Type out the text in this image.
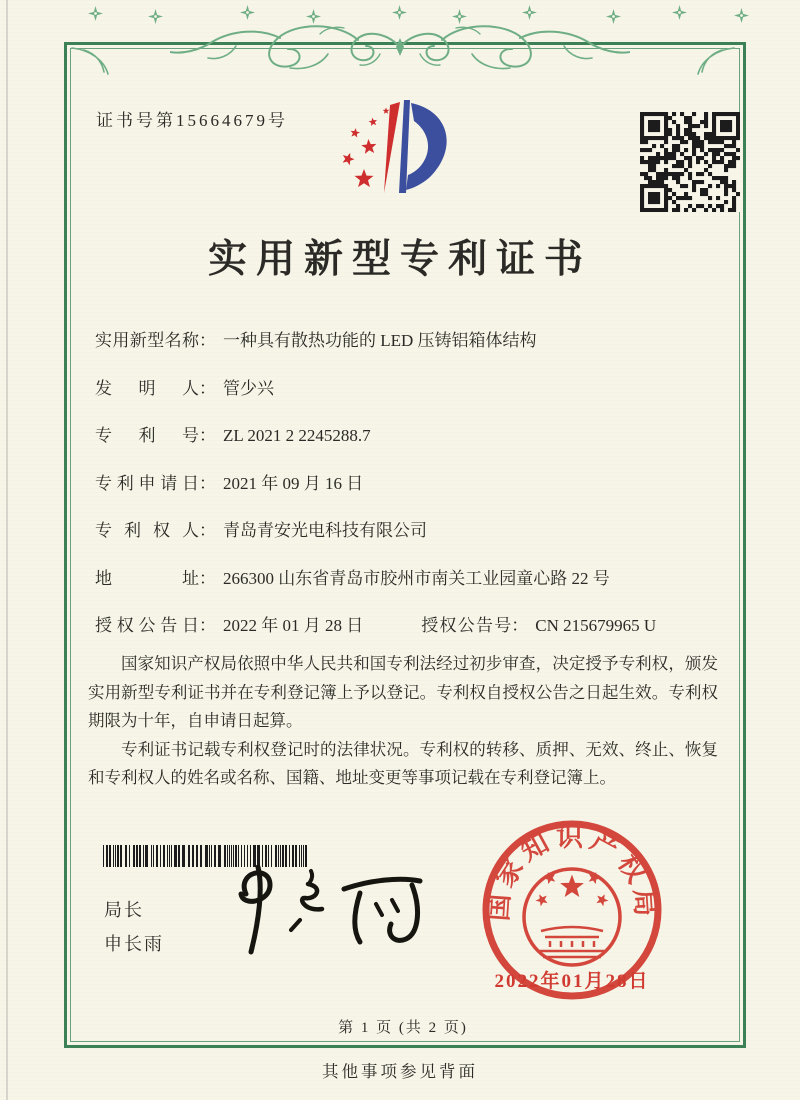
证书号第15664679号
实用新型专利证书
实用新型名称 ： 一种具有散热功能的 LED 压铸铝箱体结构
发明人 ： 管少兴
专利号 ： ZL 2021 2 2245288.7
专利申请日 ： 2021 年 09 月 16 日
专利权人 ： 青岛青安光电科技有限公司
地址 ： 266300 山东省青岛市胶州市南关工业园童心路 22 号
授权公告日 ： 2022 年 01 月 28 日	授权公告号 ： CN 215679965 U

国家知识产权局依照中华人民共和国专利法经过初步审查，决定授予专利权，颁发实用新型专利证书并在专利登记簿上予以登记。专利权自授权公告之日起生效。专利权期限为十年，自申请日起算。

专利证书记载专利权登记时的法律状况。专利权的转移、质押、无效、终止、恢复和专利权人的姓名或名称、国籍、地址变更等事项记载在专利登记簿上。

局长
申长雨
国家知识产权局
2022年01月28日
第 1 页 (共 2 页)
其他事项参见背面
